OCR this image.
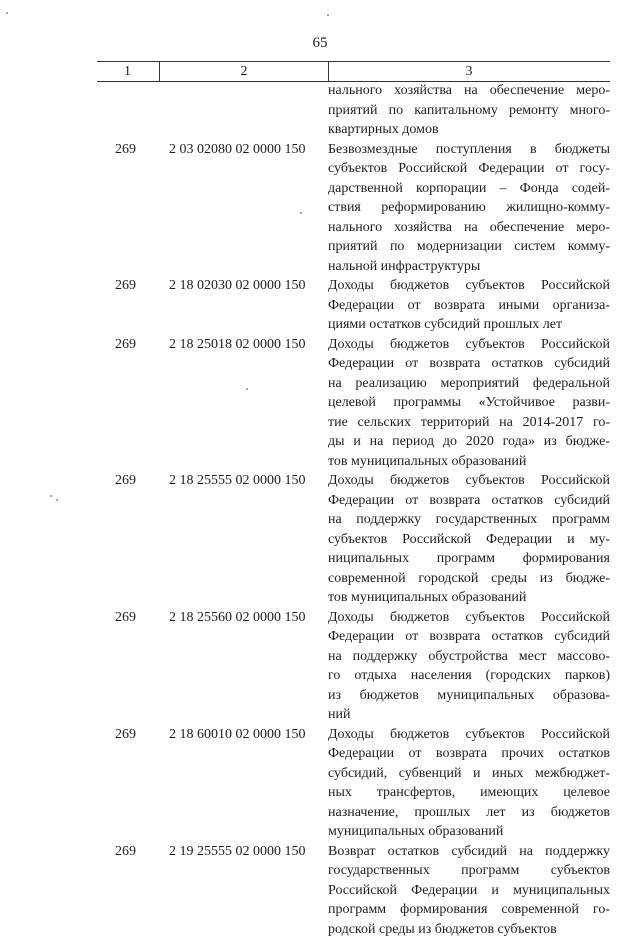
65
1	2	3
нального хозяйства на обеспечение меро-
приятий по капитальному ремонту много-
квартирных домов
269	2 03 02080 02 0000 150	Безвозмездные поступления в бюджеты
субъектов Российской Федерации от госу-
дарственной корпорации – Фонда содей-
ствия реформированию жилищно-комму-
нального хозяйства на обеспечение меро-
приятий по модернизации систем комму-
нальной инфраструктуры
269	2 18 02030 02 0000 150	Доходы бюджетов субъектов Российской
Федерации от возврата иными организа-
циями остатков субсидий прошлых лет
269	2 18 25018 02 0000 150	Доходы бюджетов субъектов Российской
Федерации от возврата остатков субсидий
на реализацию мероприятий федеральной
целевой программы «Устойчивое разви-
тие сельских территорий на 2014-2017 го-
ды и на период до 2020 года» из бюдже-
тов муниципальных образований
269	2 18 25555 02 0000 150	Доходы бюджетов субъектов Российской
Федерации от возврата остатков субсидий
на поддержку государственных программ
субъектов Российской Федерации и му-
ниципальных программ формирования
современной городской среды из бюдже-
тов муниципальных образований
269	2 18 25560 02 0000 150	Доходы бюджетов субъектов Российской
Федерации от возврата остатков субсидий
на поддержку обустройства мест массово-
го отдыха населения (городских парков)
из бюджетов муниципальных образова-
ний
269	2 18 60010 02 0000 150	Доходы бюджетов субъектов Российской
Федерации от возврата прочих остатков
субсидий, субвенций и иных межбюджет-
ных трансфертов, имеющих целевое
назначение, прошлых лет из бюджетов
муниципальных образований
269	2 19 25555 02 0000 150	Возврат остатков субсидий на поддержку
государственных программ субъектов
Российской Федерации и муниципальных
программ формирования современной го-
родской среды из бюджетов субъектов
